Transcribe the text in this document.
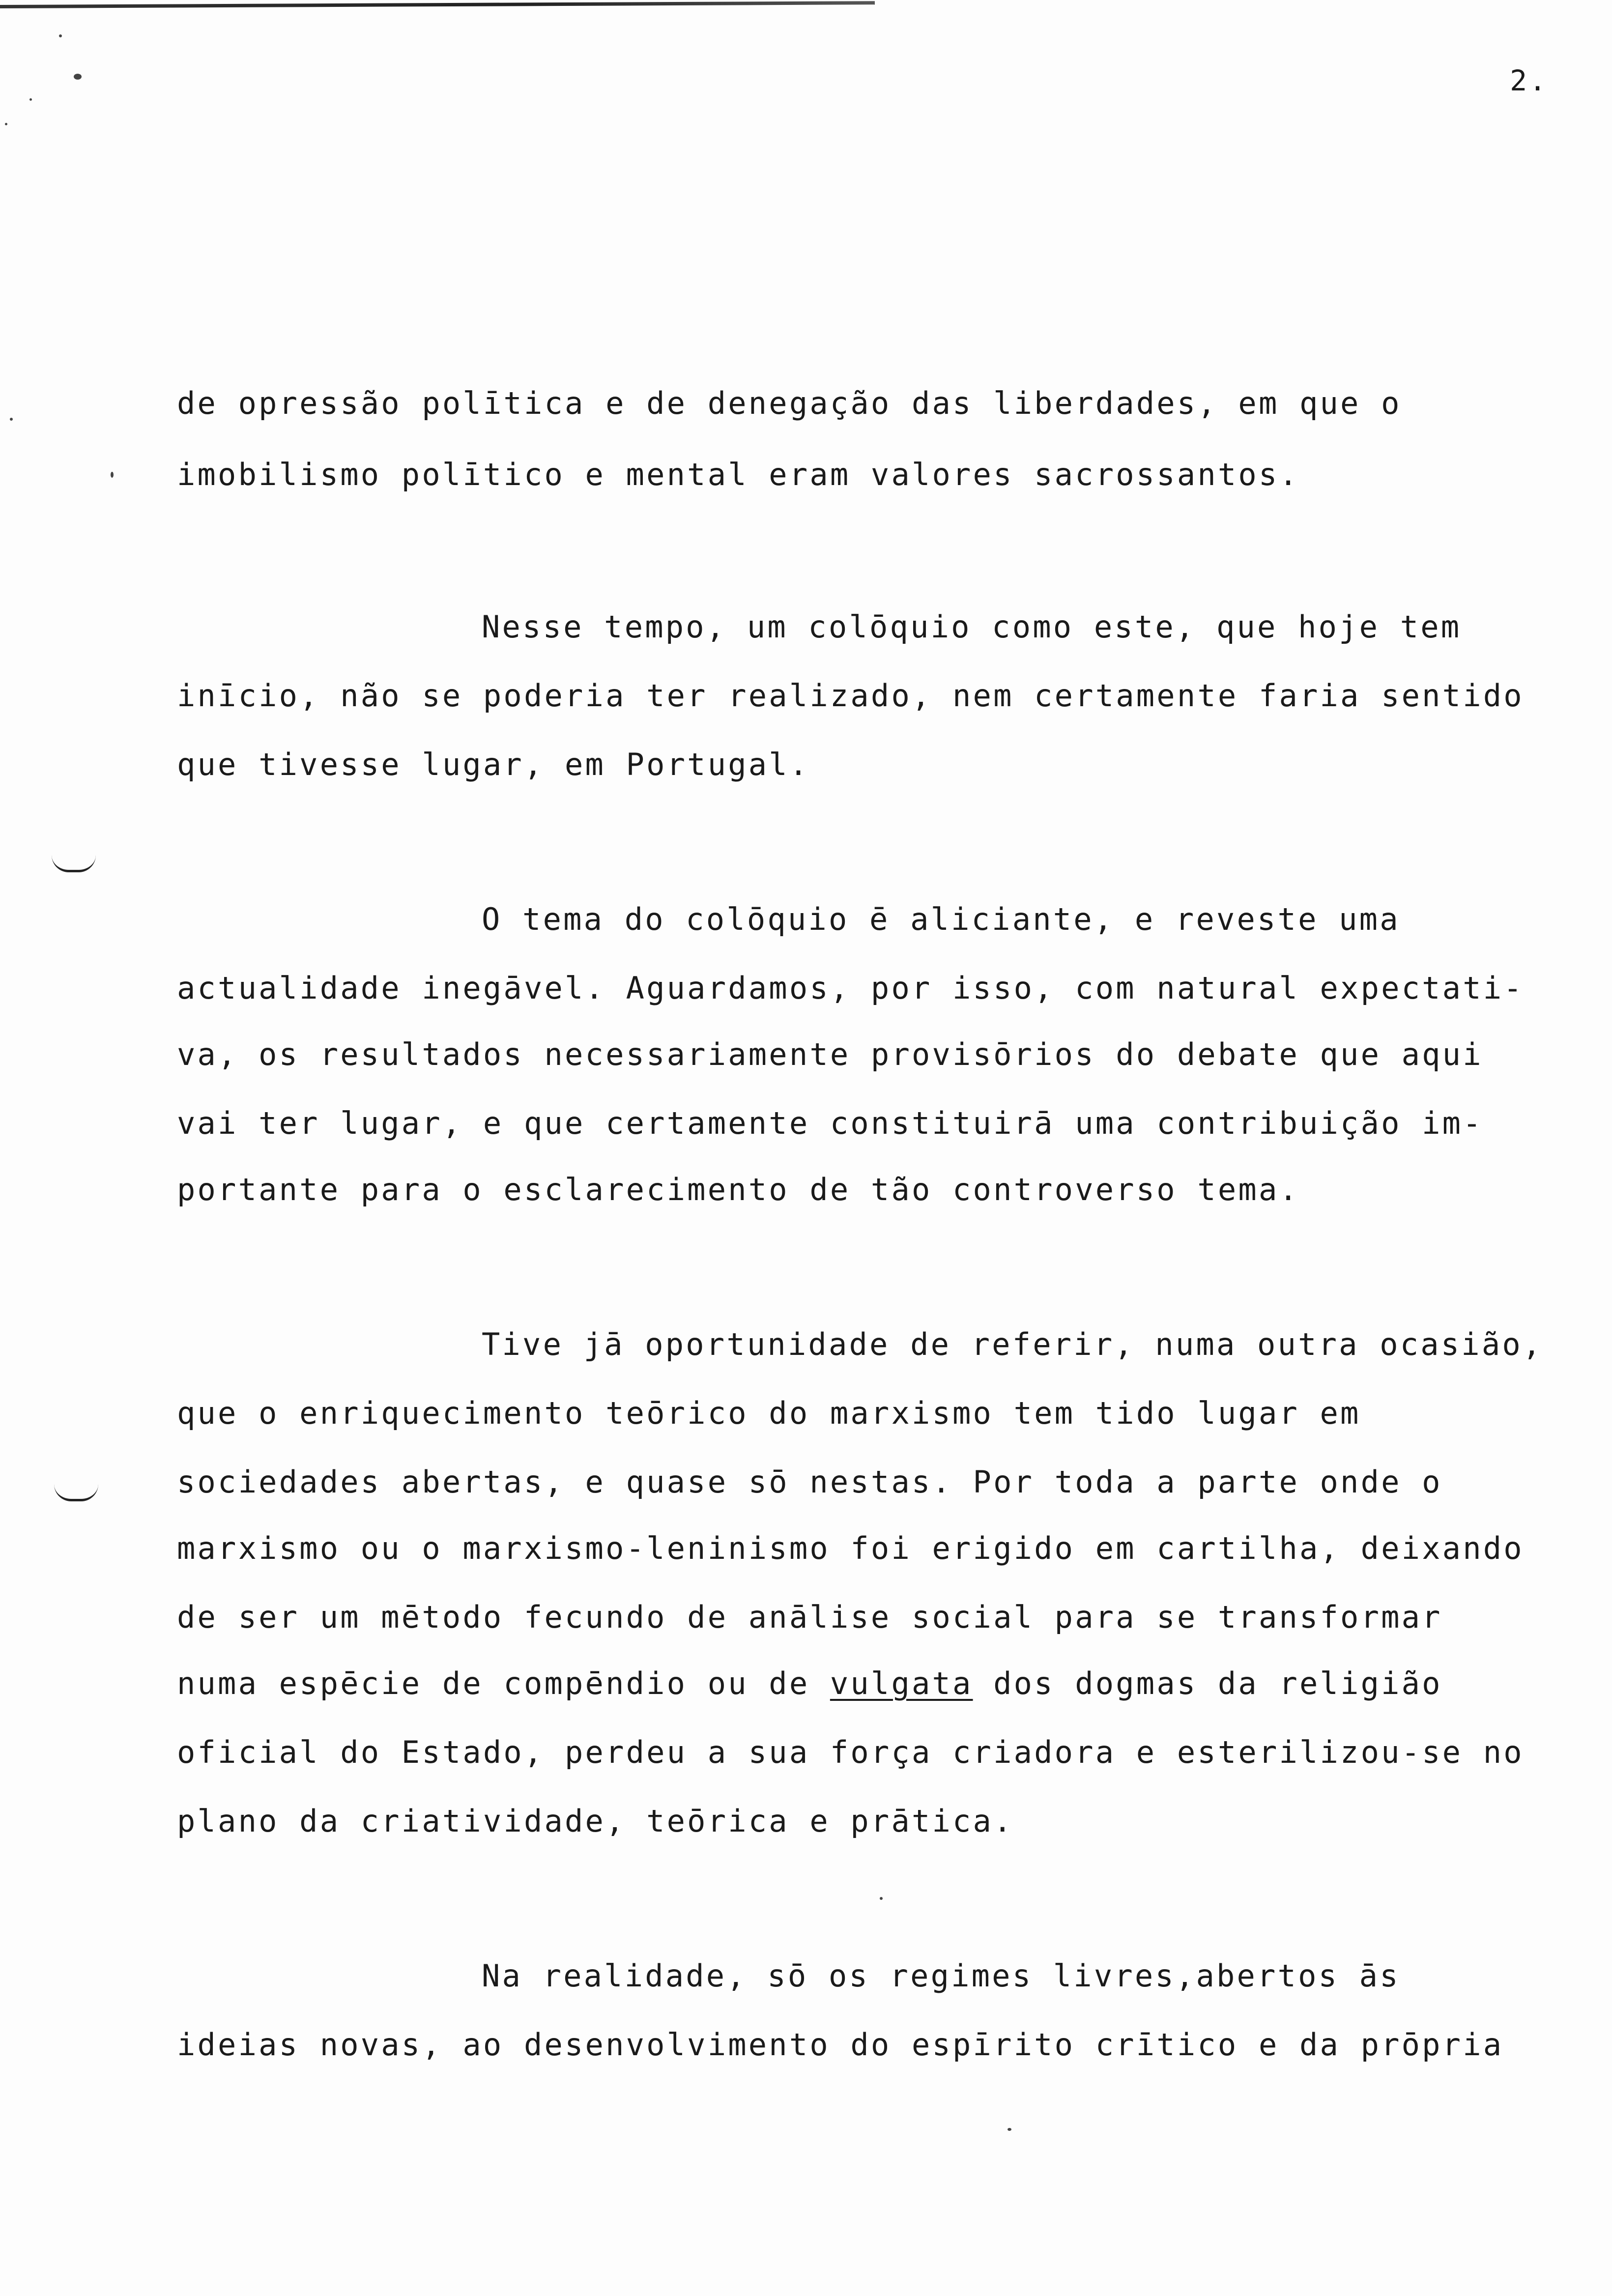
2.
de opressão polītica e de denegação das liberdades, em que o
imobilismo polītico e mental eram valores sacrossantos.
Nesse tempo, um colōquio como este, que hoje tem
inīcio, não se poderia ter realizado, nem certamente faria sentido
que tivesse lugar, em Portugal.
O tema do colōquio ē aliciante, e reveste uma
actualidade inegāvel. Aguardamos, por isso, com natural expectati-
va, os resultados necessariamente provisōrios do debate que aqui
vai ter lugar, e que certamente constituirā uma contribuição im-
portante para o esclarecimento de tão controverso tema.
Tive jā oportunidade de referir, numa outra ocasião,
que o enriquecimento teōrico do marxismo tem tido lugar em
sociedades abertas, e quase sō nestas. Por toda a parte onde o
marxismo ou o marxismo-leninismo foi erigido em cartilha, deixando
de ser um mētodo fecundo de anālise social para se transformar
numa espēcie de compēndio ou de vulgata dos dogmas da religião
oficial do Estado, perdeu a sua força criadora e esterilizou-se no
plano da criatividade, teōrica e prātica.
Na realidade, sō os regimes livres,abertos ās
ideias novas, ao desenvolvimento do espīrito crītico e da prōpria
